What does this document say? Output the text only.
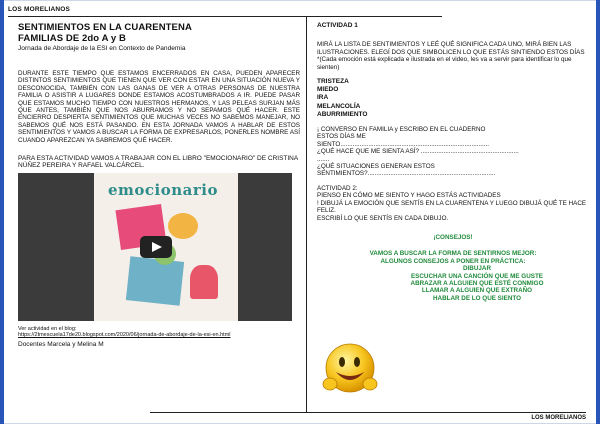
LOS MORELIANOS
LOS MORELIANOS
SENTIMIENTOS EN LA CUARENTENA
FAMILIAS DE 2do A y B
Jornada de Abordaje de la ESI en Contexto de Pandemia
DURANTE ESTE TIEMPO QUE ESTAMOS ENCERRADOS EN CASA, PUEDEN APARECER DISTINTOS SENTIMIENTOS QUE TIENEN QUE VER CON ESTAR EN UNA SITUACIÓN NUEVA Y DESCONOCIDA, TAMBIÉN CON LAS GANAS DE VER A OTRAS PERSONAS DE NUESTRA FAMILIA O ASISTIR A LUGARES DONDE ESTAMOS ACOSTUMBRADOS A IR. PUEDE PASAR QUE ESTAMOS MUCHO TIEMPO CON NUESTROS HERMANOS, Y LAS PELEAS SURJAN MÁS QUE ANTES, TAMBIÉN QUE NOS ABURRAMOS Y NO SEPAMOS QUÉ HACER. ESTE ENCIERRO DESPIERTA SENTIMIENTOS QUE MUCHAS VECES NO SABEMOS MANEJAR, NO SABEMOS QUÉ NOS ESTÁ PASANDO. EN ESTA JORNADA VAMOS A HABLAR DE ESTOS SENTIMIENTOS Y VAMOS A BUSCAR LA FORMA DE EXPRESARLOS, PONERLES NOMBRE ASÍ CUANDO APAREZCAN YA SABREMOS QUÉ HACER.
PARA ESTA ACTIVIDAD VAMOS A TRABAJAR CON EL LIBRO "EMOCIONARIO" DE CRISTINA NÚÑEZ PEREIRA Y RAFAEL VALCÁRCEL.
emocionario
Ver actividad en el blog:
https://2tmescuela17de20.blogspot.com/2020/06/jornada-de-abordaje-de-la-esi-en.html
Docentes Marcela y Melina M
ACTIVIDAD 1
MIRÁ LA LISTA DE SENTIMIENTOS Y LEÉ QUÉ SIGNIFICA CADA UNO, MIRÁ BIEN LAS ILUSTRACIONES. ELEGÍ DOS QUE SIMBOLICEN LO QUE ESTÁS SINTIENDO ESTOS DÍAS
*(Cada emoción está explicada e ilustrada en el video, les va a servir para identificar lo que sienten)
TRISTEZA
MIEDO
IRA
MELANCOLÍA
ABURRIMIENTO
¡ CONVERSO EN FAMILIA y ESCRIBO EN EL CUADERNO
ESTOS DÍAS ME
SIENTO.....................................................................................
¿QUÉ HACE QUE ME SIENTA ASÍ? ........................................................
.......
¿QUÉ SITUACIONES GENERAN ESTOS
SENTIMIENTOS?.........................................................................
ACTIVIDAD 2:
PIENSO EN CÓMO ME SIENTO Y HAGO ESTÁS ACTIVIDADES
! DIBUJÁ LA EMOCIÓN QUE SENTÍS EN LA CUARENTENA Y LUEGO DIBUJÁ QUÉ TE HACE FELIZ.
ESCRIBÍ LO QUE SENTÍS EN CADA DIBUJO.
¡CONSEJOS!
VAMOS A BUSCAR LA FORMA DE SENTIRNOS MEJOR:
ALGUNOS CONSEJOS A PONER EN PRÁCTICA:
DIBUJAR
ESCUCHAR UNA CANCIÓN QUE ME GUSTE
ABRAZAR A ALGUIEN QUE ESTÉ CONMIGO
LLAMAR A ALGUIEN QUE EXTRAÑO
HABLAR DE LO QUE SIENTO
